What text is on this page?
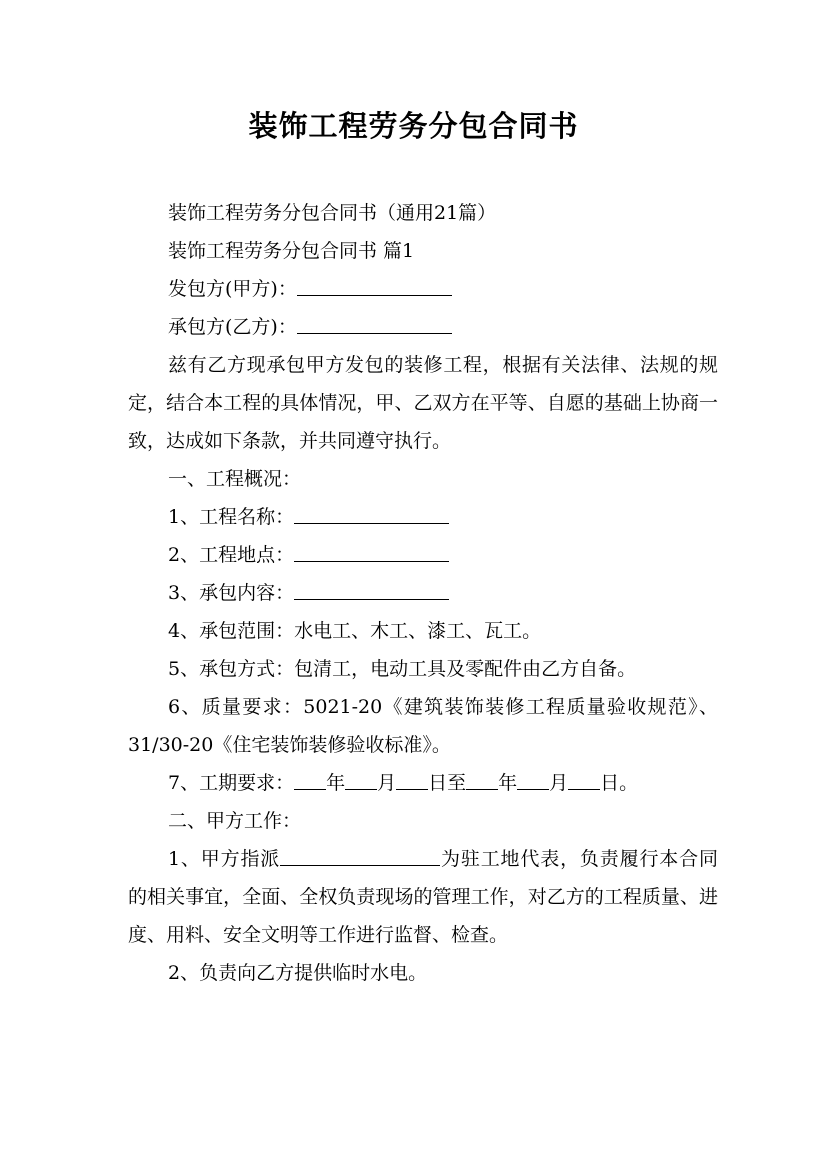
装饰工程劳务分包合同书

装饰工程劳务分包合同书（通用21篇）

装饰工程劳务分包合同书 篇1

发包方(甲方)：

承包方(乙方)：

兹有乙方现承包甲方发包的装修工程，根据有关法律、法规的规定，结合本工程的具体情况，甲、乙双方在平等、自愿的基础上协商一致，达成如下条款，并共同遵守执行。

一、工程概况：

1、工程名称：

2、工程地点：

3、承包内容：

4、承包范围：水电工、木工、漆工、瓦工。

5、承包方式：包清工，电动工具及零配件由乙方自备。

6、质量要求：5021-20《建筑装饰装修工程质量验收规范》、31/30-20《住宅装饰装修验收标准》。

7、工期要求： 年 月 日至 年 月 日。

二、甲方工作：

1、甲方指派	为驻工地代表，负责履行本合同的相关事宜，全面、全权负责现场的管理工作，对乙方的工程质量、进度、用料、安全文明等工作进行监督、检查。

2、负责向乙方提供临时水电。
